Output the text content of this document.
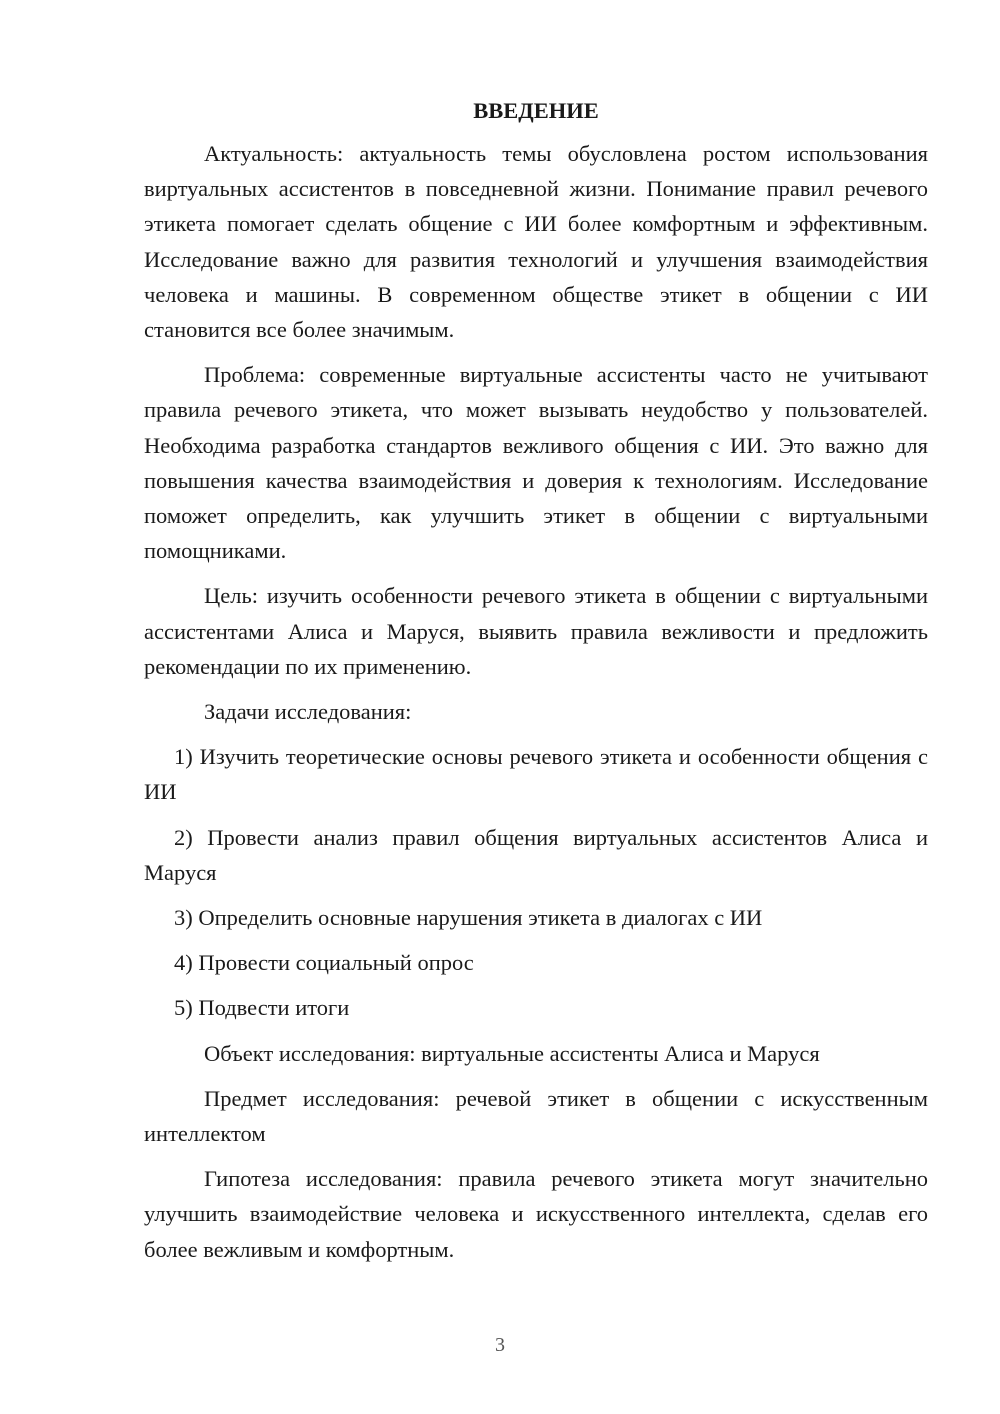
ВВЕДЕНИЕ

Актуальность: актуальность темы обусловлена ростом использования виртуальных ассистентов в повседневной жизни. Понимание правил речевого этикета помогает сделать общение с ИИ более комфортным и эффективным. Исследование важно для развития технологий и улучшения взаимодействия человека и машины. В современном обществе этикет в общении с ИИ становится все более значимым.

Проблема: современные виртуальные ассистенты часто не учитывают правила речевого этикета, что может вызывать неудобство у пользователей. Необходима разработка стандартов вежливого общения с ИИ. Это важно для повышения качества взаимодействия и доверия к технологиям. Исследование поможет определить, как улучшить этикет в общении с виртуальными помощниками.

Цель: изучить особенности речевого этикета в общении с виртуальными ассистентами Алиса и Маруся, выявить правила вежливости и предложить рекомендации по их применению.

Задачи исследования:

1) Изучить теоретические основы речевого этикета и особенности общения с ИИ

2) Провести анализ правил общения виртуальных ассистентов Алиса и Маруся

3) Определить основные нарушения этикета в диалогах с ИИ

4) Провести социальный опрос

5) Подвести итоги

Объект исследования: виртуальные ассистенты Алиса и Маруся

Предмет исследования: речевой этикет в общении с искусственным интеллектом

Гипотеза исследования: правила речевого этикета могут значительно улучшить взаимодействие человека и искусственного интеллекта, сделав его более вежливым и комфортным.

3
